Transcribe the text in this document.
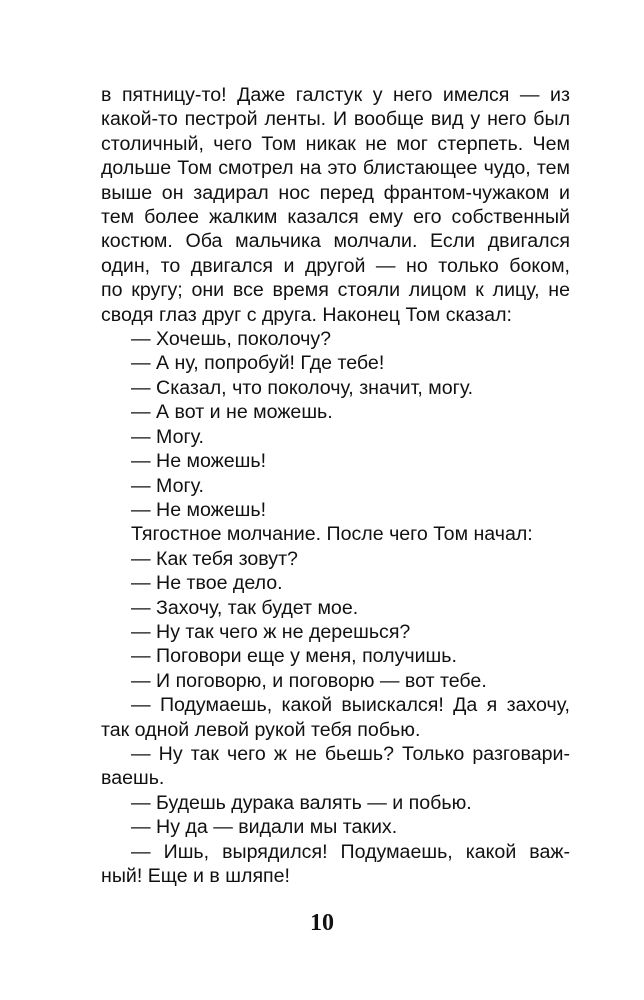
в пятницу-то! Даже галстук у него имелся — из
какой-то пестрой ленты. И вообще вид у него был
столичный, чего Том никак не мог стерпеть. Чем
дольше Том смотрел на это блистающее чудо, тем
выше он задирал нос перед франтом-чужаком и
тем более жалким казался ему его собственный
костюм. Оба мальчика молчали. Если двигался
один, то двигался и другой — но только боком,
по кругу; они все время стояли лицом к лицу, не
сводя глаз друг с друга. Наконец Том сказал:
— Хочешь, поколочу?
— А ну, попробуй! Где тебе!
— Сказал, что поколочу, значит, могу.
— А вот и не можешь.
— Могу.
— Не можешь!
— Могу.
— Не можешь!
Тягостное молчание. После чего Том начал:
— Как тебя зовут?
— Не твое дело.
— Захочу, так будет мое.
— Ну так чего ж не дерешься?
— Поговори еще у меня, получишь.
— И поговорю, и поговорю — вот тебе.
— Подумаешь, какой выискался! Да я захочу,
так одной левой рукой тебя побью.
— Ну так чего ж не бьешь? Только разговари-
ваешь.
— Будешь дурака валять — и побью.
— Ну да — видали мы таких.
— Ишь, вырядился! Подумаешь, какой важ-
ный! Еще и в шляпе!
10
